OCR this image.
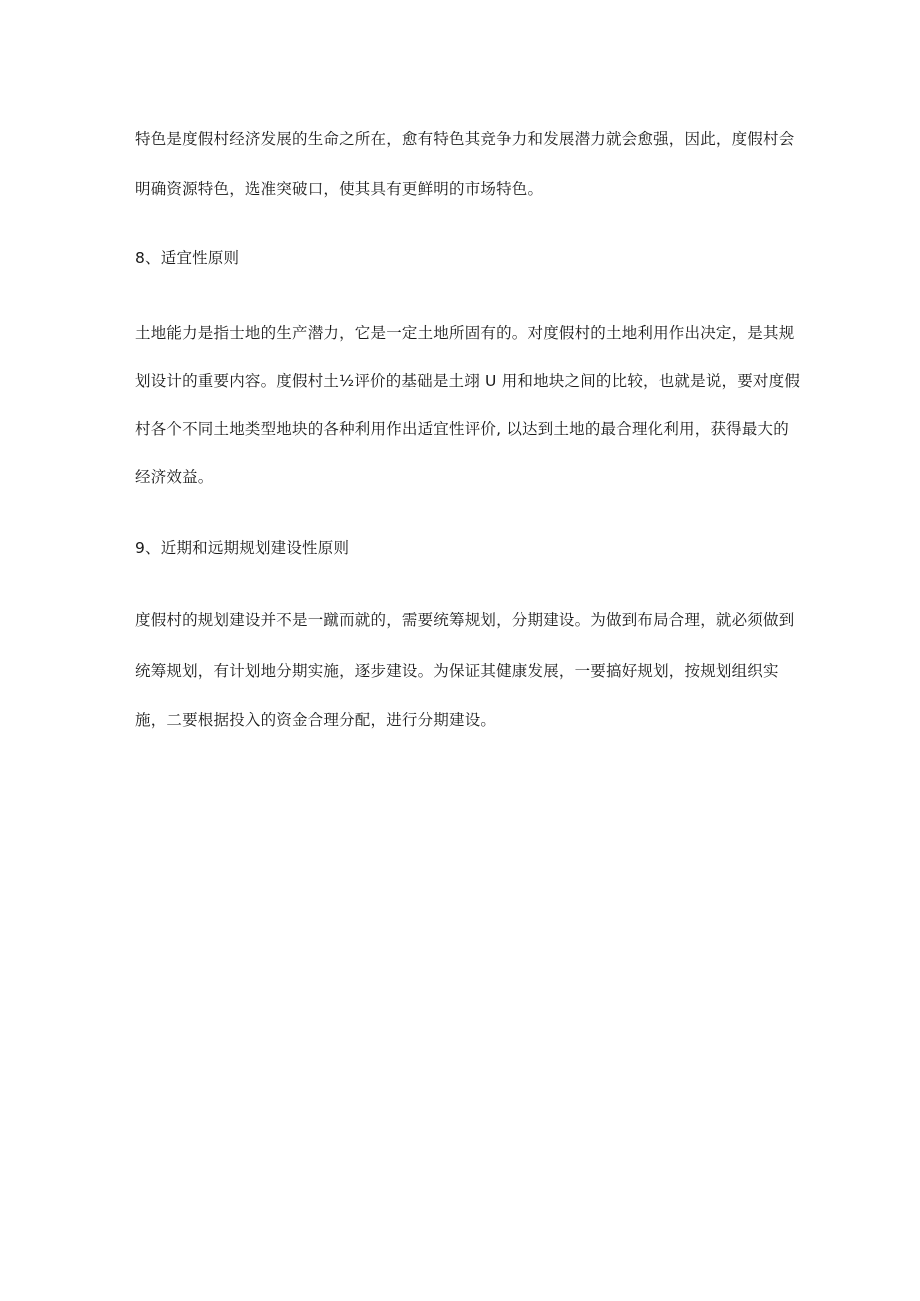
特色是度假村经济发展的生命之所在，愈有特色其竞争力和发展潜力就会愈强，因此，度假村会
明确资源特色，选准突破口，使其具有更鲜明的市场特色。
8、适宜性原则
土地能力是指士地的生产潜力，它是一定土地所固有的。对度假村的土地利用作出决定，是其规
划设计的重要内容。度假村土½评价的基础是土翊 U 用和地块之间的比较，也就是说，要对度假
村各个不同土地类型地块的各种利用作出适宜性评价, 以达到土地的最合理化利用，获得最大的
经济效益。
9、近期和远期规划建设性原则
度假村的规划建设并不是一蹴而就的，需要统筹规划，分期建设。为做到布局合理，就必须做到
统筹规划，有计划地分期实施，逐步建设。为保证其健康发展，一要搞好规划，按规划组织实
施，二要根据投入的资金合理分配，进行分期建设。
